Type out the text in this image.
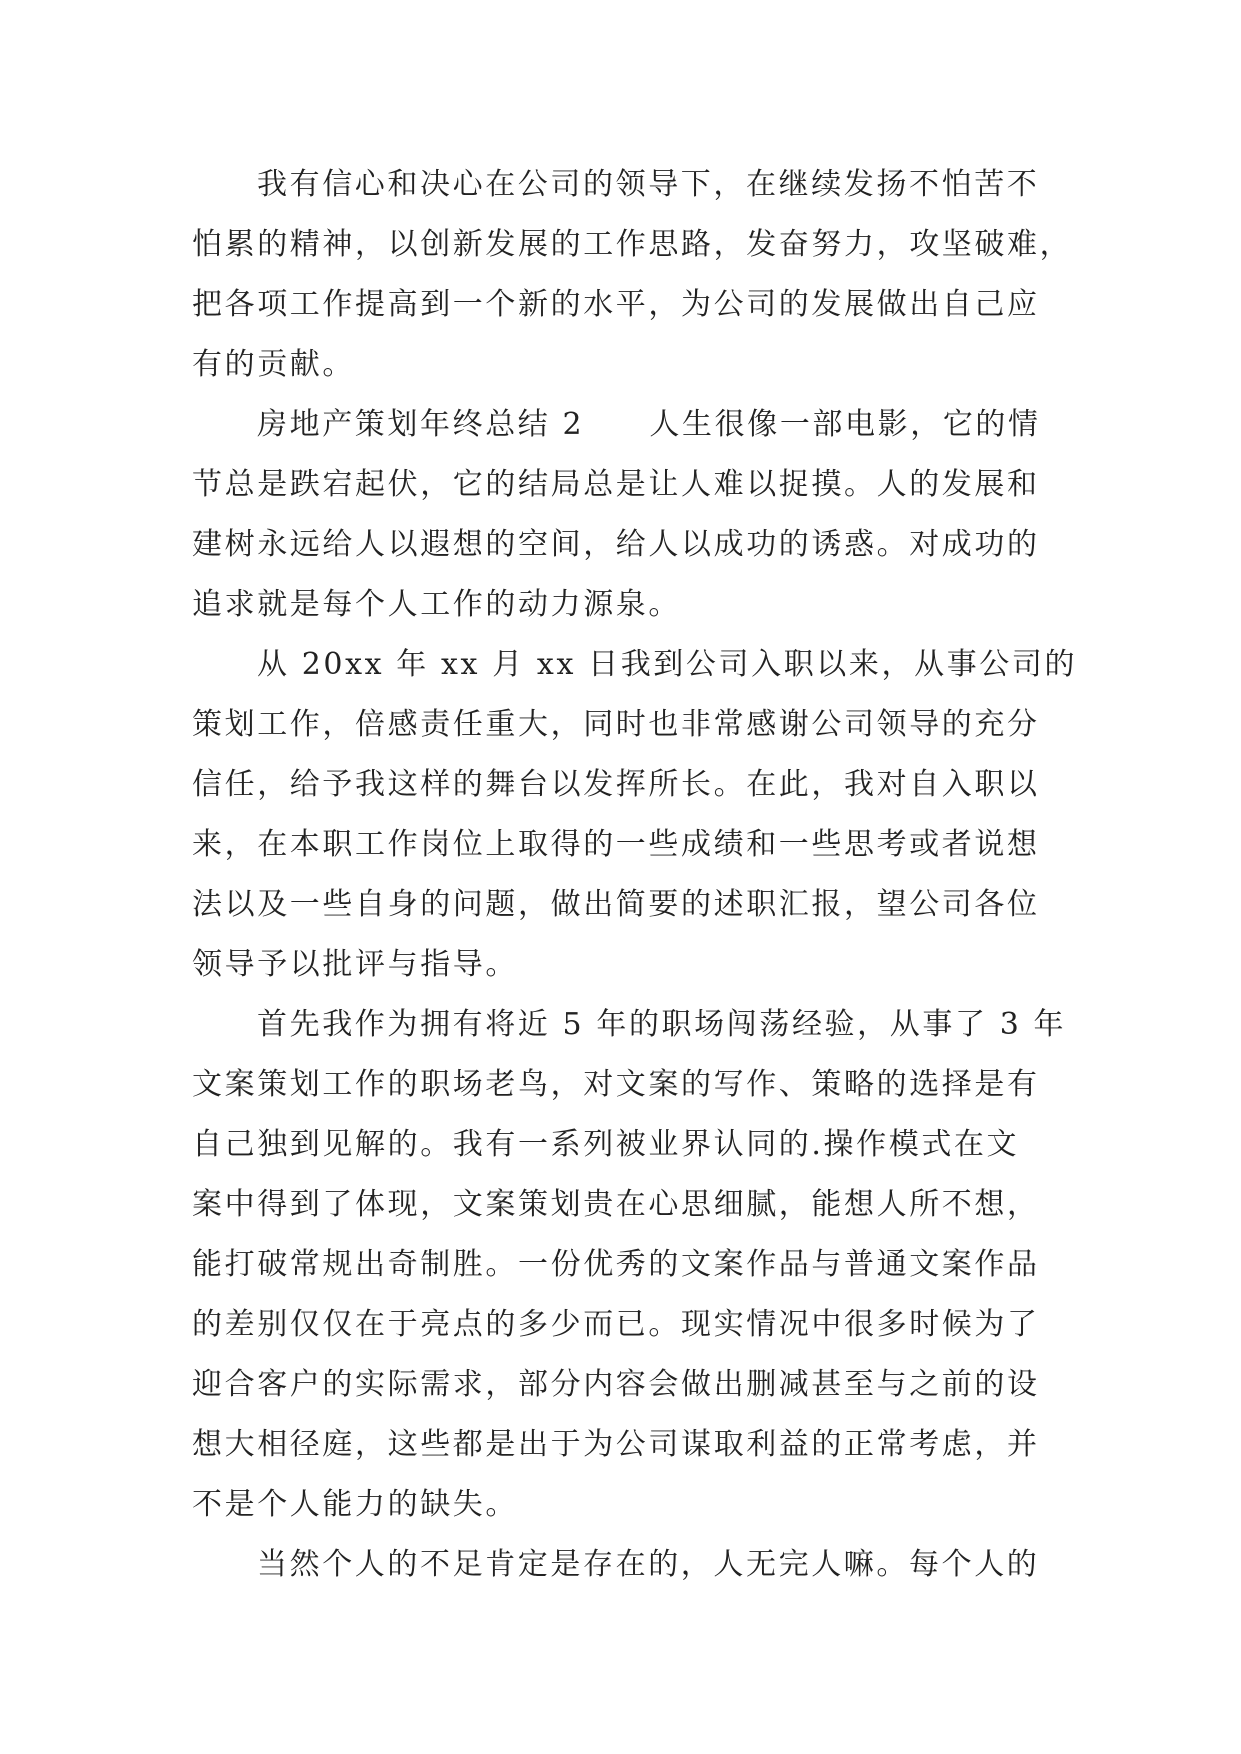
我有信心和决心在公司的领导下，在继续发扬不怕苦不
怕累的精神，以创新发展的工作思路，发奋努力，攻坚破难，
把各项工作提高到一个新的水平，为公司的发展做出自己应
有的贡献。
房地产策划年终总结 2　　人生很像一部电影，它的情
节总是跌宕起伏，它的结局总是让人难以捉摸。人的发展和
建树永远给人以遐想的空间，给人以成功的诱惑。对成功的
追求就是每个人工作的动力源泉。
从 20xx 年 xx 月 xx 日我到公司入职以来，从事公司的
策划工作，倍感责任重大，同时也非常感谢公司领导的充分
信任，给予我这样的舞台以发挥所长。在此，我对自入职以
来，在本职工作岗位上取得的一些成绩和一些思考或者说想
法以及一些自身的问题，做出简要的述职汇报，望公司各位
领导予以批评与指导。
首先我作为拥有将近 5 年的职场闯荡经验，从事了 3 年
文案策划工作的职场老鸟，对文案的写作、策略的选择是有
自己独到见解的。我有一系列被业界认同的.操作模式在文
案中得到了体现，文案策划贵在心思细腻，能想人所不想，
能打破常规出奇制胜。一份优秀的文案作品与普通文案作品
的差别仅仅在于亮点的多少而已。现实情况中很多时候为了
迎合客户的实际需求，部分内容会做出删减甚至与之前的设
想大相径庭，这些都是出于为公司谋取利益的正常考虑，并
不是个人能力的缺失。
当然个人的不足肯定是存在的，人无完人嘛。每个人的
